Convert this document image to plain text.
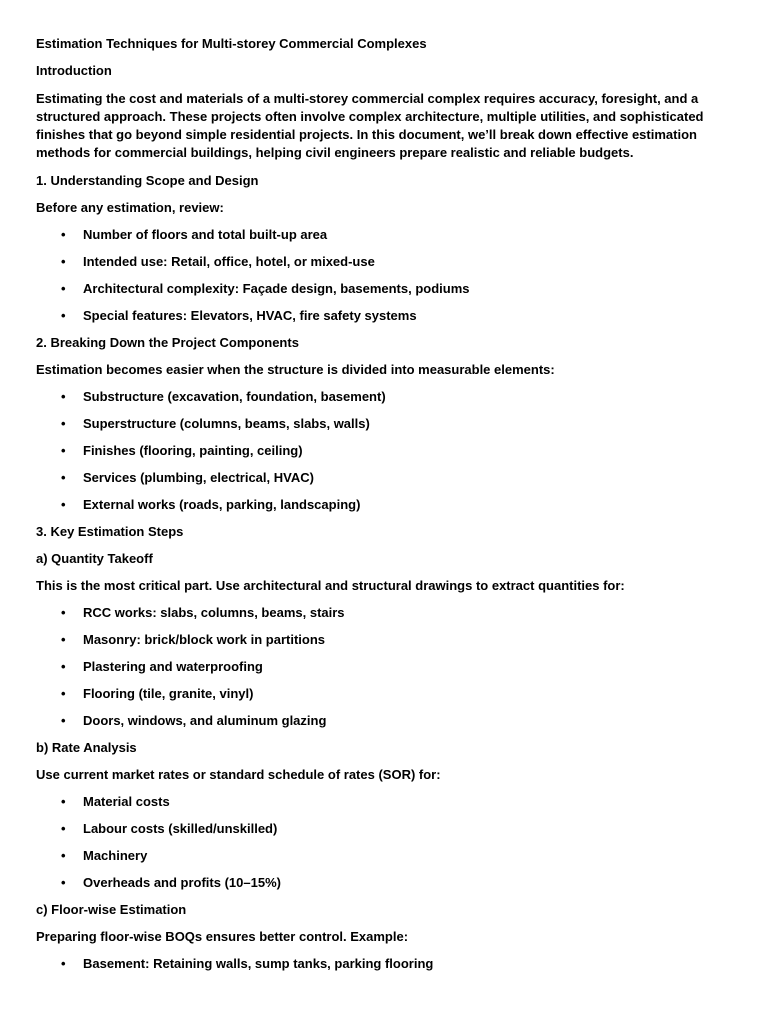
Estimation Techniques for Multi-storey Commercial Complexes

Introduction

Estimating the cost and materials of a multi-storey commercial complex requires accuracy, foresight, and a structured approach. These projects often involve complex architecture, multiple utilities, and sophisticated finishes that go beyond simple residential projects. In this document, we’ll break down effective estimation methods for commercial buildings, helping civil engineers prepare realistic and reliable budgets.

1. Understanding Scope and Design

Before any estimation, review:

• Number of floors and total built-up area
• Intended use: Retail, office, hotel, or mixed-use
• Architectural complexity: Façade design, basements, podiums
• Special features: Elevators, HVAC, fire safety systems

2. Breaking Down the Project Components

Estimation becomes easier when the structure is divided into measurable elements:

• Substructure (excavation, foundation, basement)
• Superstructure (columns, beams, slabs, walls)
• Finishes (flooring, painting, ceiling)
• Services (plumbing, electrical, HVAC)
• External works (roads, parking, landscaping)

3. Key Estimation Steps

a) Quantity Takeoff

This is the most critical part. Use architectural and structural drawings to extract quantities for:

• RCC works: slabs, columns, beams, stairs
• Masonry: brick/block work in partitions
• Plastering and waterproofing
• Flooring (tile, granite, vinyl)
• Doors, windows, and aluminum glazing

b) Rate Analysis

Use current market rates or standard schedule of rates (SOR) for:

• Material costs
• Labour costs (skilled/unskilled)
• Machinery
• Overheads and profits (10–15%)

c) Floor-wise Estimation

Preparing floor-wise BOQs ensures better control. Example:

• Basement: Retaining walls, sump tanks, parking flooring
